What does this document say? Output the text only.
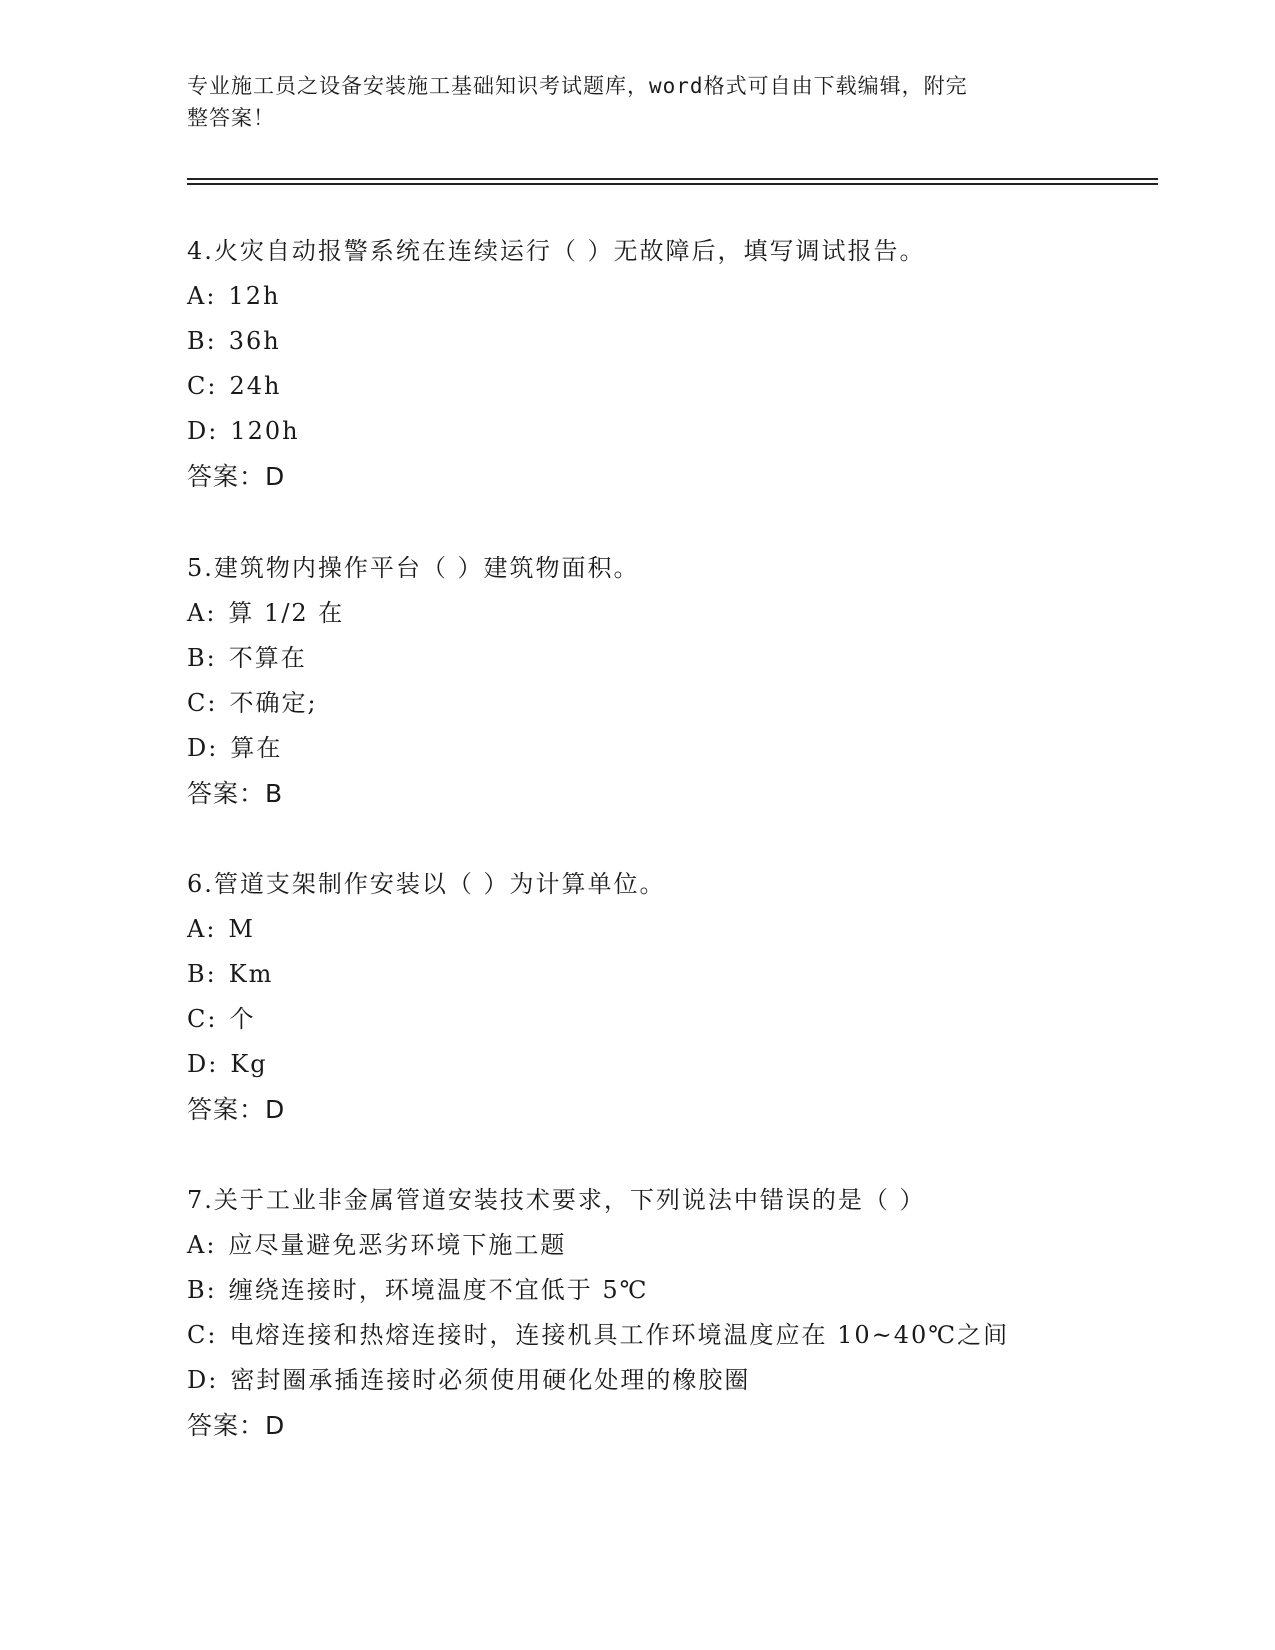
专业施工员之设备安装施工基础知识考试题库，word格式可自由下载编辑，附完
整答案！
4.火灾自动报警系统在连续运行（ ）无故障后，填写调试报告。
A: 12h
B: 36h
C: 24h
D: 120h
答案：D
5.建筑物内操作平台（ ）建筑物面积。
A: 算 1/2 在
B: 不算在
C: 不确定;
D: 算在
答案：B
6.管道支架制作安装以（ ）为计算单位。
A: M
B: Km
C: 个
D: Kg
答案：D
7.关于工业非金属管道安装技术要求，下列说法中错误的是（ ）
A: 应尽量避免恶劣环境下施工题
B: 缠绕连接时，环境温度不宜低于 5℃
C: 电熔连接和热熔连接时，连接机具工作环境温度应在 10~40℃之间
D: 密封圈承插连接时必须使用硬化处理的橡胶圈
答案：D
